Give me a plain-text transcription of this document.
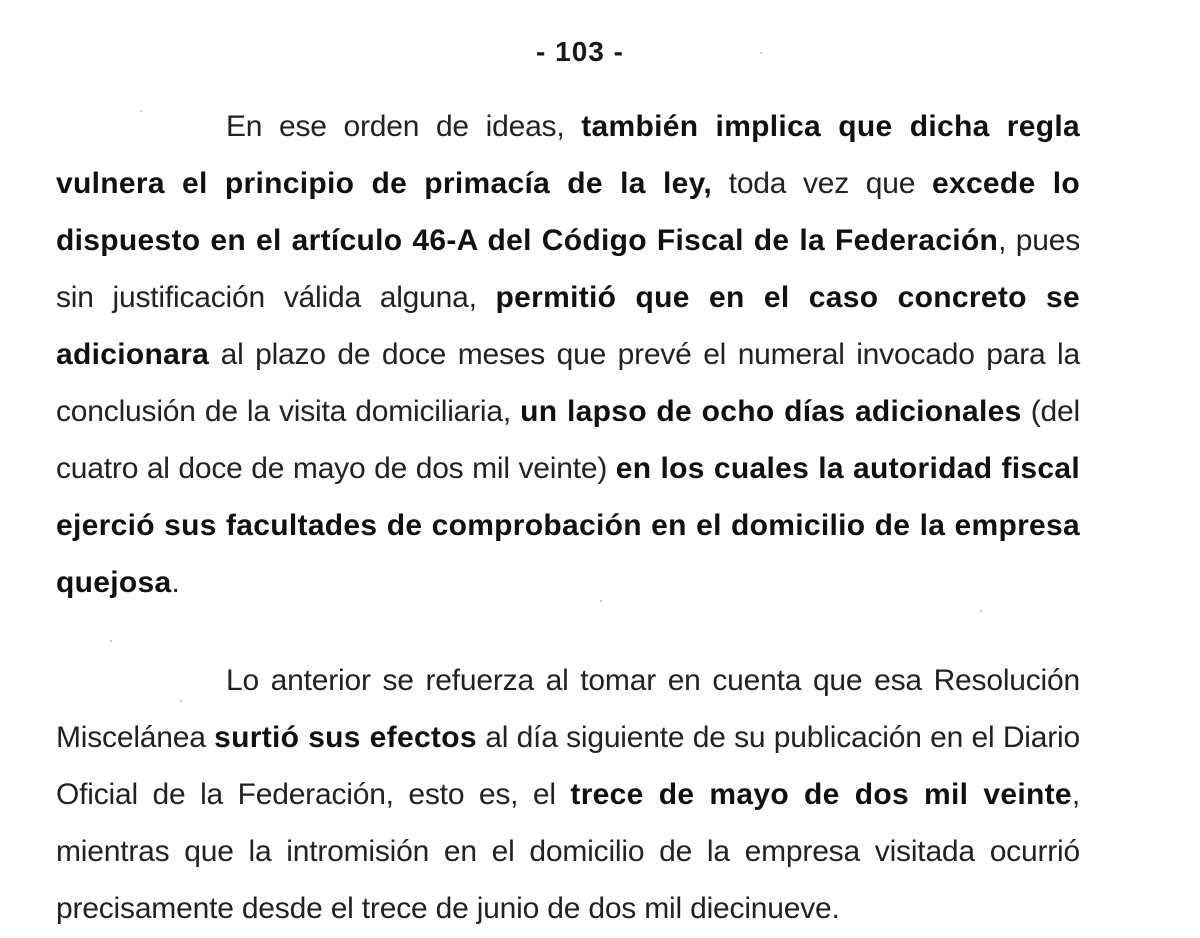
- 103 -
En ese orden de ideas, también implica que dicha regla vulnera el principio de primacía de la ley, toda vez que excede lo dispuesto en el artículo 46-A del Código Fiscal de la Federación, pues sin justificación válida alguna, permitió que en el caso concreto se adicionara al plazo de doce meses que prevé el numeral invocado para la conclusión de la visita domiciliaria, un lapso de ocho días adicionales (del cuatro al doce de mayo de dos mil veinte) en los cuales la autoridad fiscal ejerció sus facultades de comprobación en el domicilio de la empresa quejosa.
Lo anterior se refuerza al tomar en cuenta que esa Resolución Miscelánea surtió sus efectos al día siguiente de su publicación en el Diario Oficial de la Federación, esto es, el trece de mayo de dos mil veinte, mientras que la intromisión en el domicilio de la empresa visitada ocurrió precisamente desde el trece de junio de dos mil diecinueve.
